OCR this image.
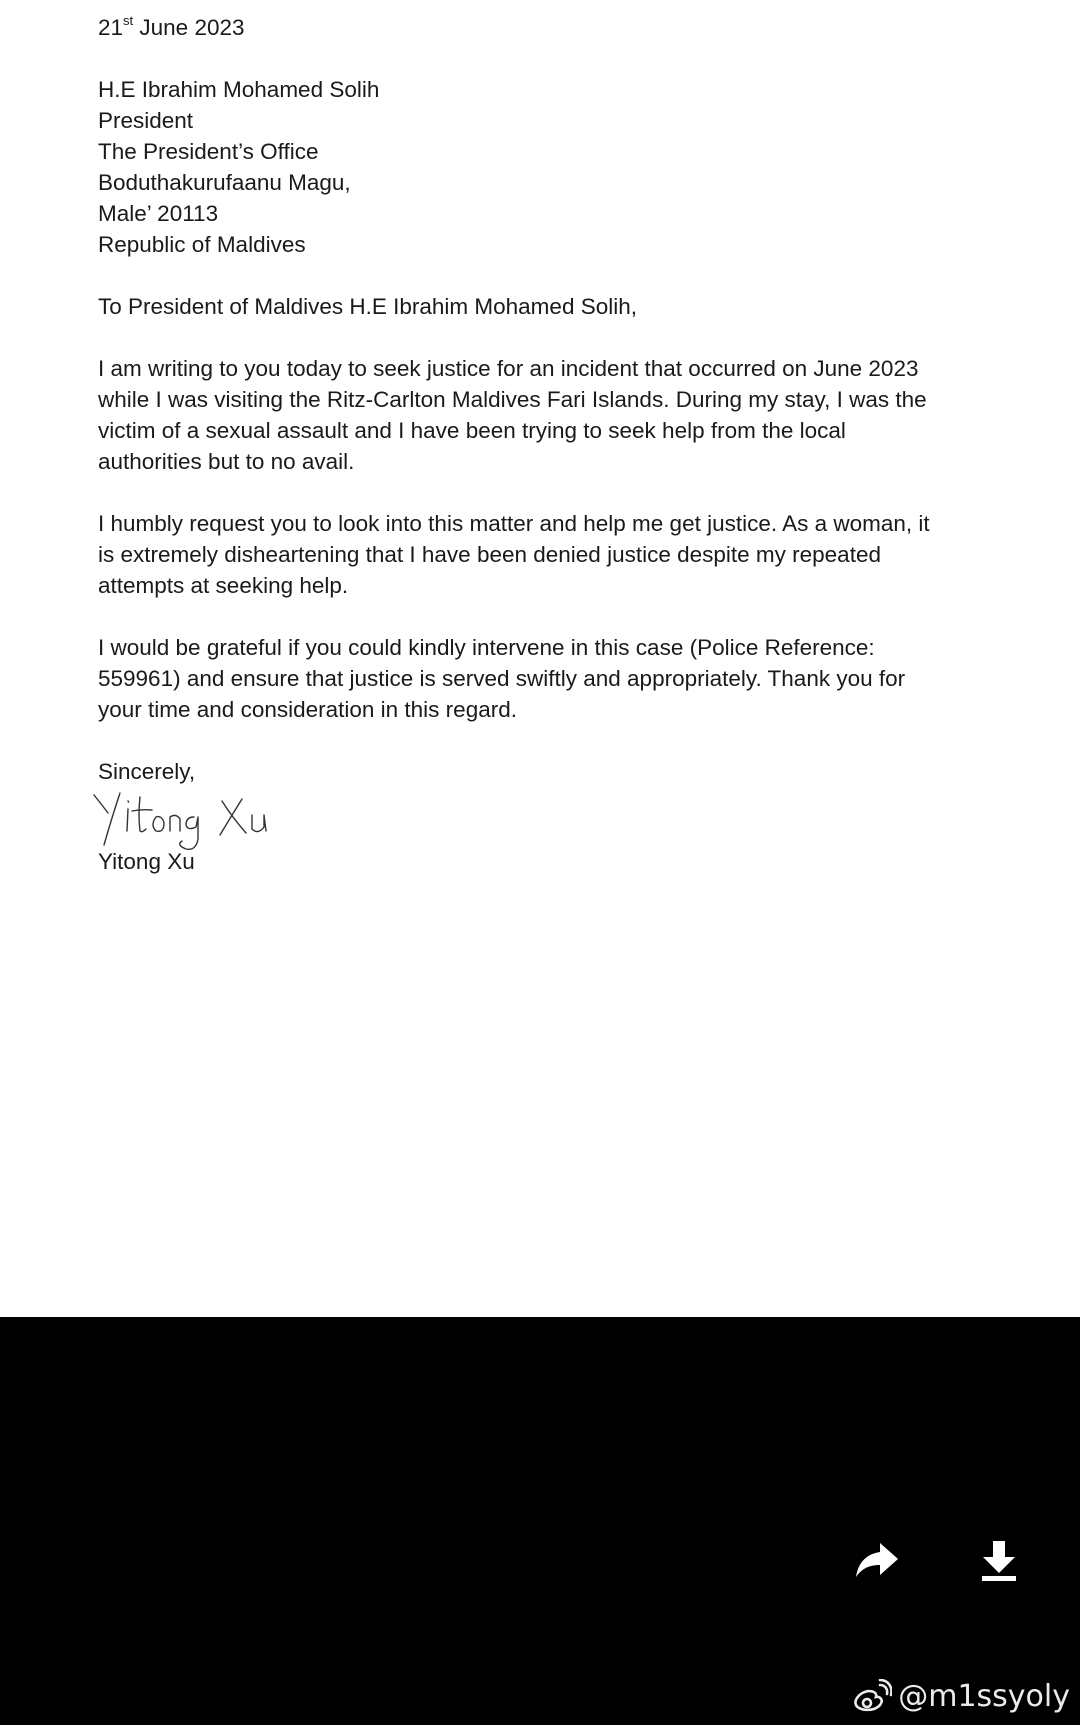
21st June 2023

H.E Ibrahim Mohamed Solih

President

The President’s Office

Boduthakurufaanu Magu,

Male’ 20113

Republic of Maldives

To President of Maldives H.E Ibrahim Mohamed Solih,

I am writing to you today to seek justice for an incident that occurred on June 2023

while I was visiting the Ritz-Carlton Maldives Fari Islands. During my stay, I was the

victim of a sexual assault and I have been trying to seek help from the local

authorities but to no avail.

I humbly request you to look into this matter and help me get justice. As a woman, it

is extremely disheartening that I have been denied justice despite my repeated

attempts at seeking help.

I would be grateful if you could kindly intervene in this case (Police Reference:

559961) and ensure that justice is served swiftly and appropriately. Thank you for

your time and consideration in this regard.

Sincerely,

Yitong Xu

@m1ssyoly
